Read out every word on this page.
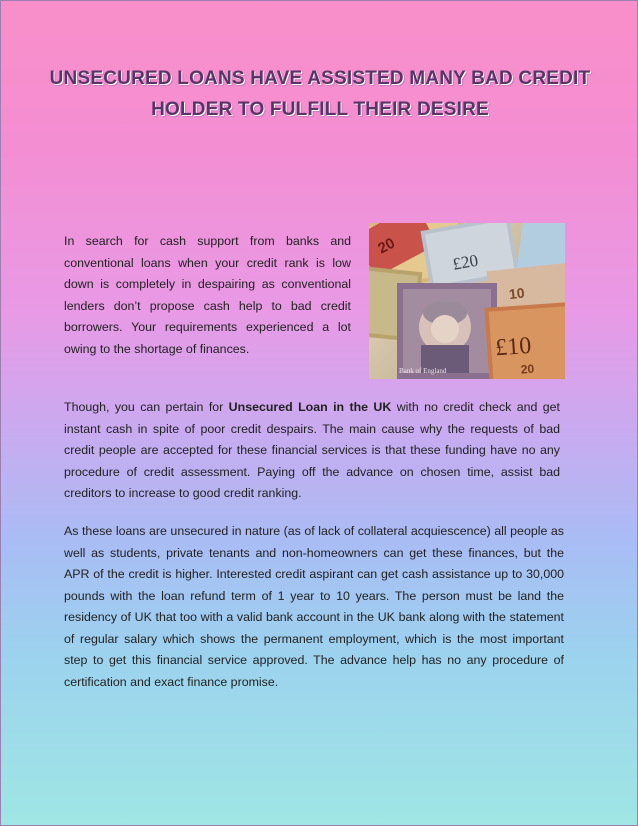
UNSECURED LOANS HAVE ASSISTED MANY BAD CREDIT HOLDER TO FULFILL THEIR DESIRE

In search for cash support from banks and conventional loans when your credit rank is low down is completely in despairing as conventional lenders don’t propose cash help to bad credit borrowers. Your requirements experienced a lot owing to the shortage of finances.

20
£20
10
£10
20
Bank of England

Though, you can pertain for Unsecured Loan in the UK with no credit check and get instant cash in spite of poor credit despairs. The main cause why the requests of bad credit people are accepted for these financial services is that these funding have no any procedure of credit assessment. Paying off the advance on chosen time, assist bad creditors to increase to good credit ranking.

As these loans are unsecured in nature (as of lack of collateral acquiescence) all people as well as students, private tenants and non-homeowners can get these finances, but the APR of the credit is higher. Interested credit aspirant can get cash assistance up to 30,000 pounds with the loan refund term of 1 year to 10 years. The person must be land the residency of UK that too with a valid bank account in the UK bank along with the statement of regular salary which shows the permanent employment, which is the most important step to get this financial service approved. The advance help has no any procedure of certification and exact finance promise.
